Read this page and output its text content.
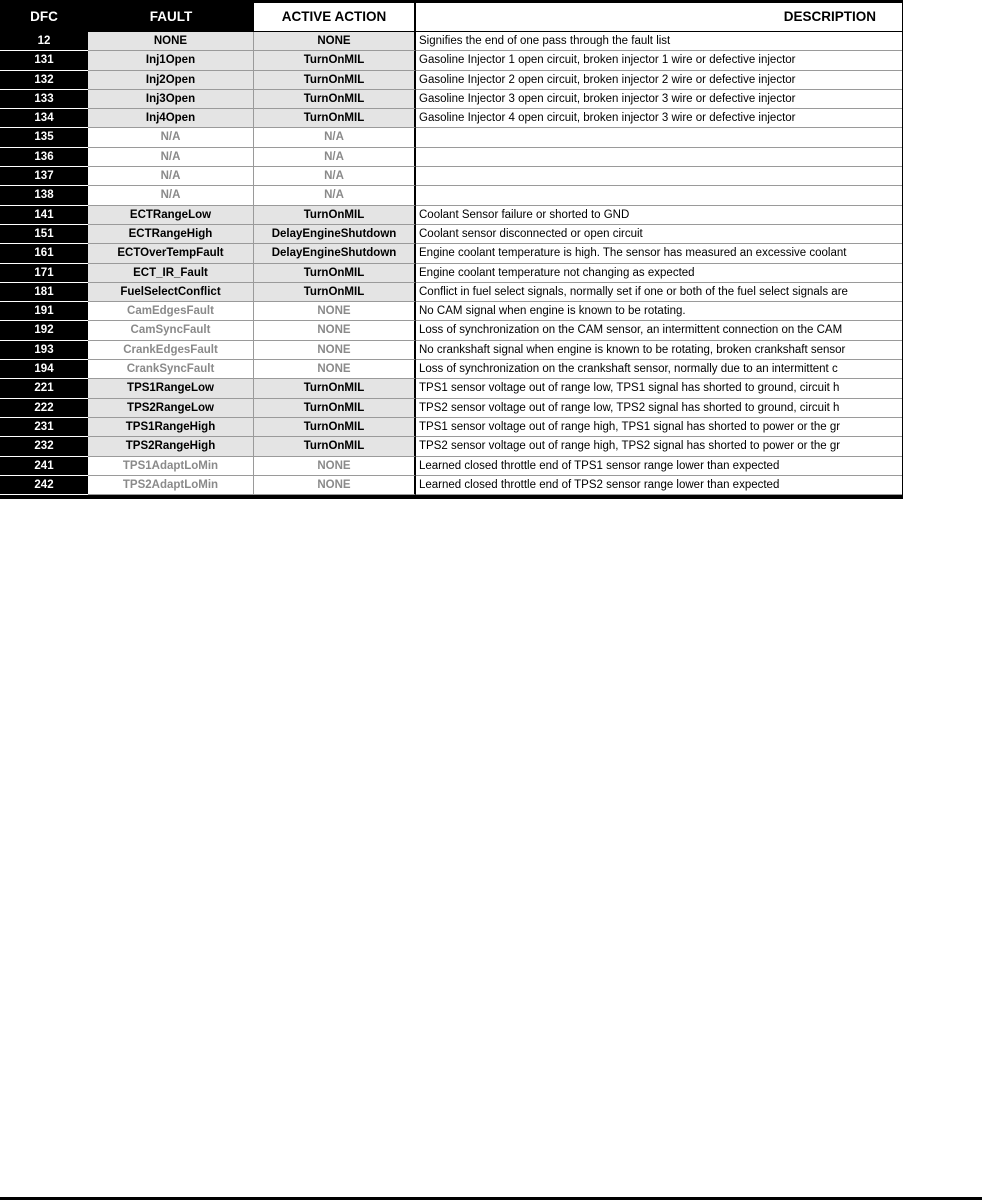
DFC	FAULT	ACTIVE ACTION	DESCRIPTION
12	NONE	NONE	Signifies the end of one pass through the fault list
131	Inj1Open	TurnOnMIL	Gasoline Injector 1 open circuit, broken injector 1 wire or defective injector
132	Inj2Open	TurnOnMIL	Gasoline Injector 2 open circuit, broken injector 2 wire or defective injector
133	Inj3Open	TurnOnMIL	Gasoline Injector 3 open circuit, broken injector 3 wire or defective injector
134	Inj4Open	TurnOnMIL	Gasoline Injector 4 open circuit, broken injector 3 wire or defective injector
135	N/A	N/A
136	N/A	N/A
137	N/A	N/A
138	N/A	N/A
141	ECTRangeLow	TurnOnMIL	Coolant Sensor failure or shorted to GND
151	ECTRangeHigh	DelayEngineShutdown	Coolant sensor disconnected or open circuit
161	ECTOverTempFault	DelayEngineShutdown	Engine coolant temperature is high. The sensor has measured an excessive coolant
171	ECT_IR_Fault	TurnOnMIL	Engine coolant temperature not changing as expected
181	FuelSelectConflict	TurnOnMIL	Conflict in fuel select signals, normally set if one or both of the fuel select signals are
191	CamEdgesFault	NONE	No CAM signal when engine is known to be rotating.
192	CamSyncFault	NONE	Loss of synchronization on the CAM sensor, an intermittent connection on the CAM
193	CrankEdgesFault	NONE	No crankshaft signal when engine is known to be rotating, broken crankshaft sensor
194	CrankSyncFault	NONE	Loss of synchronization on the crankshaft sensor, normally due to an intermittent c
221	TPS1RangeLow	TurnOnMIL	TPS1 sensor voltage out of range low, TPS1 signal has shorted to ground, circuit h
222	TPS2RangeLow	TurnOnMIL	TPS2 sensor voltage out of range low, TPS2 signal has shorted to ground, circuit h
231	TPS1RangeHigh	TurnOnMIL	TPS1 sensor voltage out of range high, TPS1 signal has shorted to power or the gr
232	TPS2RangeHigh	TurnOnMIL	TPS2 sensor voltage out of range high, TPS2 signal has shorted to power or the gr
241	TPS1AdaptLoMin	NONE	Learned closed throttle end of TPS1 sensor range lower than expected
242	TPS2AdaptLoMin	NONE	Learned closed throttle end of TPS2 sensor range lower than expected
